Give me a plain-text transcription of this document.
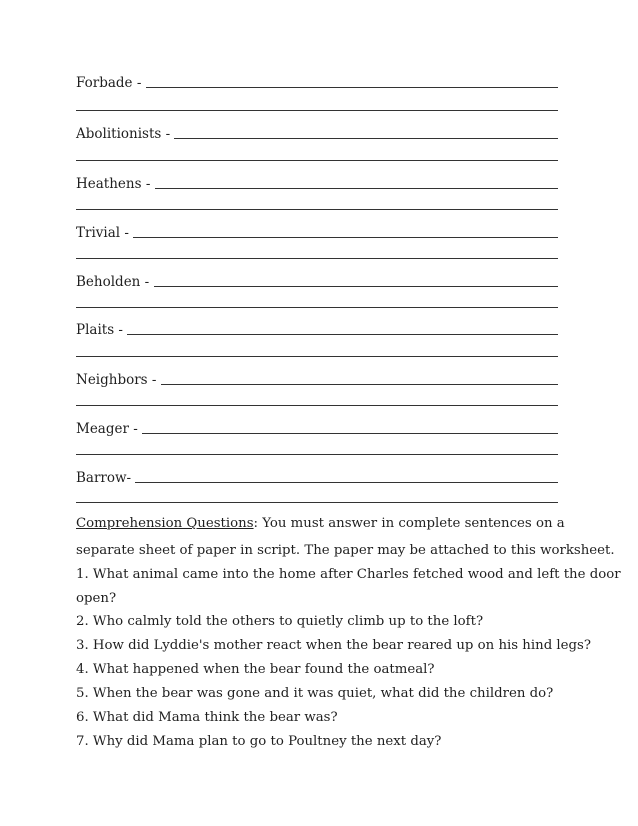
Forbade -
Abolitionists -
Heathens -
Trivial -
Beholden -
Plaits -
Neighbors -
Meager -
Barrow-
Comprehension Questions: You must answer in complete sentences on a
separate sheet of paper in script. The paper may be attached to this worksheet.
1. What animal came into the home after Charles fetched wood and left the door
open?
2. Who calmly told the others to quietly climb up to the loft?
3. How did Lyddie's mother react when the bear reared up on his hind legs?
4. What happened when the bear found the oatmeal?
5. When the bear was gone and it was quiet, what did the children do?
6. What did Mama think the bear was?
7. Why did Mama plan to go to Poultney the next day?
